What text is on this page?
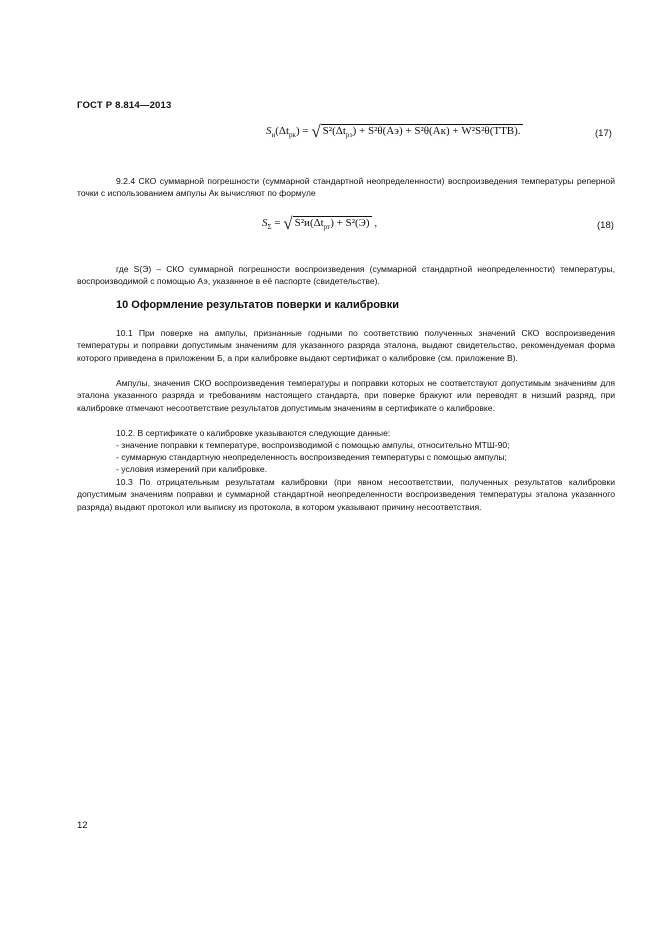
ГОСТ Р 8.814—2013
$S_и(\Delta t_{рк})$ = √ $S^2(\Delta t_{рэ}) + S^2\theta(Аэ) + S^2\theta(Ак) + W^2S^2\theta(ТТВ)$.	(17)
9.2.4 СКО суммарной погрешности (суммарной стандартной неопределенности) воспроизведения температуры реперной точки с использованием ампулы Ак вычисляют по формуле
$S_\Sigma$ = √ $S^2и(\Delta t_{рт}) + S^2(Э)$ ,	(18)
где S(Э) – СКО суммарной погрешности воспроизведения (суммарной стандартной неопределенности) температуры, воспроизводимой с помощью Аэ, указанное в её паспорте (свидетельстве).
10 Оформление результатов поверки и калибровки
10.1 При поверке на ампулы, признанные годными по соответствию полученных значений СКО воспроизведения температуры и поправки допустимым значениям для указанного разряда эталона, выдают свидетельство, рекомендуемая форма которого приведена в приложении Б, а при калибровке выдают сертификат о калибровке (см. приложение В).
Ампулы, значения СКО воспроизведения температуры и поправки которых не соответствуют допустимым значениям для эталона указанного разряда и требованиям настоящего стандарта, при поверке бракуют или переводят в низший разряд, при калибровке отмечают несоответствие результатов допустимым значениям в сертификате о калибровке.
10.2. В сертификате о калибровке указываются следующие данные:
- значение поправки к температуре, воспроизводимой с помощью ампулы, относительно МТШ-90;
- суммарную стандартную неопределенность воспроизведения температуры с помощью ампулы;
- условия измерений при калибровке.
10.3 По отрицательным результатам калибровки (при явном несоответствии, полученных результатов калибровки допустимым значениям поправки и суммарной стандартной неопределенности воспроизведения температуры эталона указанного разряда) выдают протокол или выписку из протокола, в котором указывают причину несоответствия.
12
